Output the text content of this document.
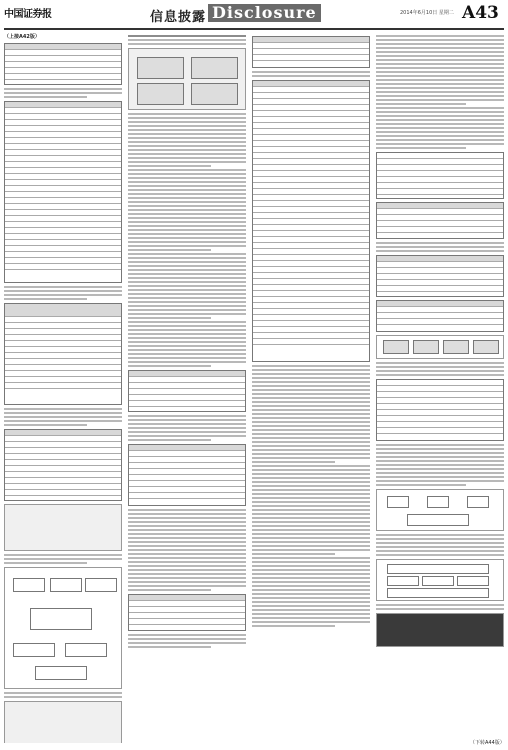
中国证券报	信息披露 Disclosure	2014年6月10日 星期二 A43
（上接A42版）
（下转A44版）
